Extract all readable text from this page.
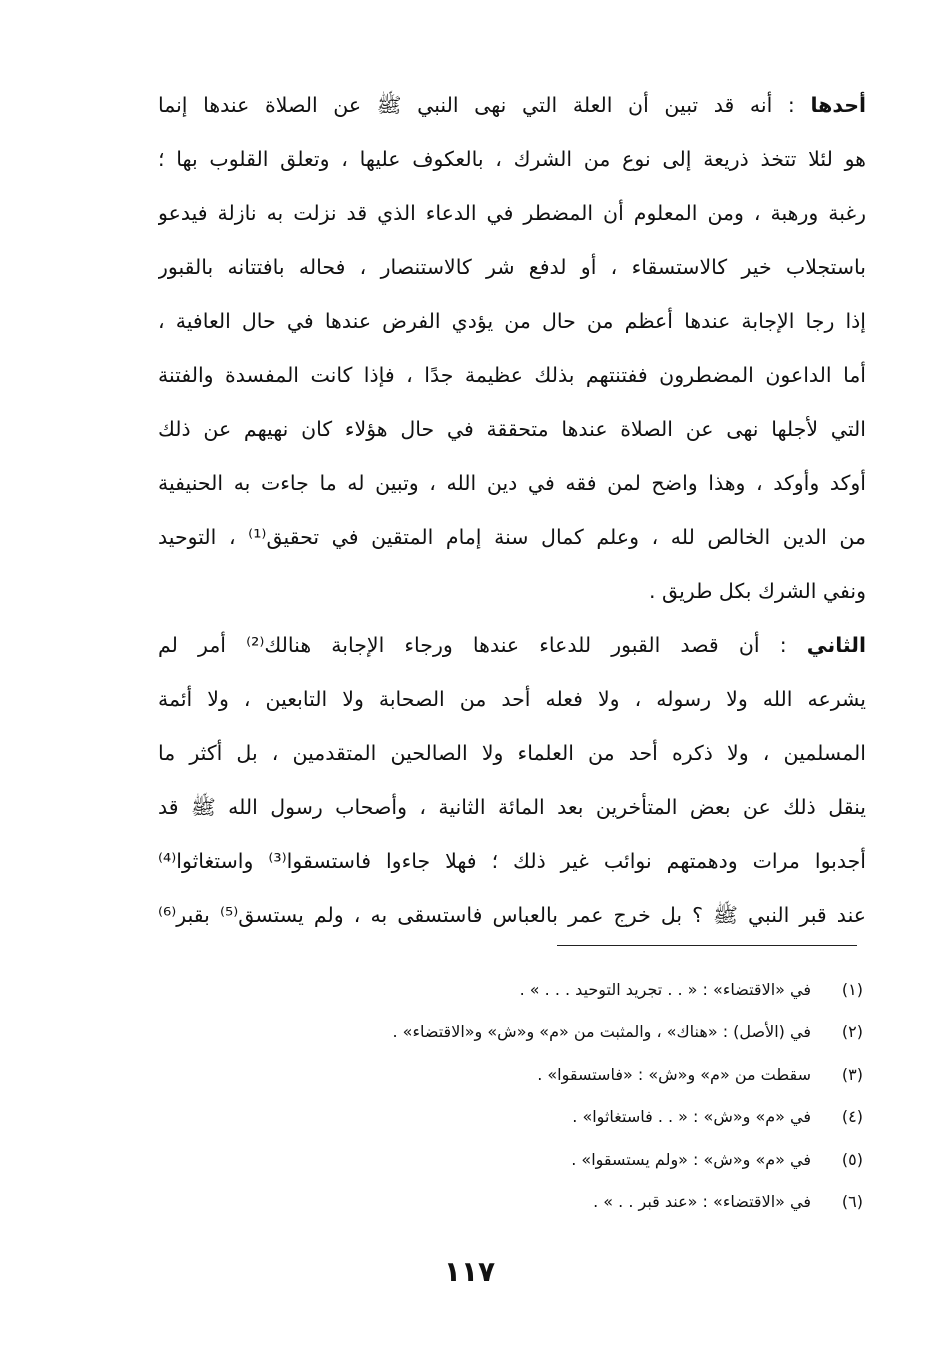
أحدها : أنه قد تبين أن العلة التي نهى النبي ﷺ عن الصلاة عندها إنما
هو لئلا تتخذ ذريعة إلى نوع من الشرك ، بالعكوف عليها ، وتعلق القلوب بها ؛
رغبة ورهبة ، ومن المعلوم أن المضطر في الدعاء الذي قد نزلت به نازلة فيدعو
باستجلاب خير كالاستسقاء ، أو لدفع شر كالاستنصار ، فحاله بافتتانه بالقبور
إذا رجا الإجابة عندها أعظم من حال من يؤدي الفرض عندها في حال العافية ،
أما الداعون المضطرون ففتنتهم بذلك عظيمة جدًا ، فإذا كانت المفسدة والفتنة
التي لأجلها نهى عن الصلاة عندها متحققة في حال هؤلاء كان نهيهم عن ذلك
أوكد وأوكد ، وهذا واضح لمن فقه في دين الله ، وتبين له ما جاءت به الحنيفية
من الدين الخالص لله ، وعلم كمال سنة إمام المتقين في تحقيق⁽¹⁾ ، التوحيد
ونفي الشرك بكل طريق .
الثاني : أن قصد القبور للدعاء عندها ورجاء الإجابة هنالك⁽²⁾ أمر لم
يشرعه الله ولا رسوله ، ولا فعله أحد من الصحابة ولا التابعين ، ولا أئمة
المسلمين ، ولا ذكره أحد من العلماء ولا الصالحين المتقدمين ، بل أكثر ما
ينقل ذلك عن بعض المتأخرين بعد المائة الثانية ، وأصحاب رسول الله ﷺ قد
أجدبوا مرات ودهمتهم نوائب غير ذلك ؛ فهلا جاءوا فاستسقوا⁽³⁾ واستغاثوا⁽⁴⁾
عند قبر النبي ﷺ ؟ بل خرج عمر بالعباس فاستسقى به ، ولم يستسق⁽⁵⁾ بقبر⁽⁶⁾
(١)
في «الاقتضاء» : « . . تجريد التوحيد . . . » .
(٢)
في (الأصل) : «هناك» ، والمثبت من «م» و«ش» و«الاقتضاء» .
(٣)
سقطت من «م» و«ش» : «فاستسقوا» .
(٤)
في «م» و«ش» : « . . فاستغاثوا» .
(٥)
في «م» و«ش» : «ولم يستسقوا» .
(٦)
في «الاقتضاء» : «عند قبر . . » .
١١٧
